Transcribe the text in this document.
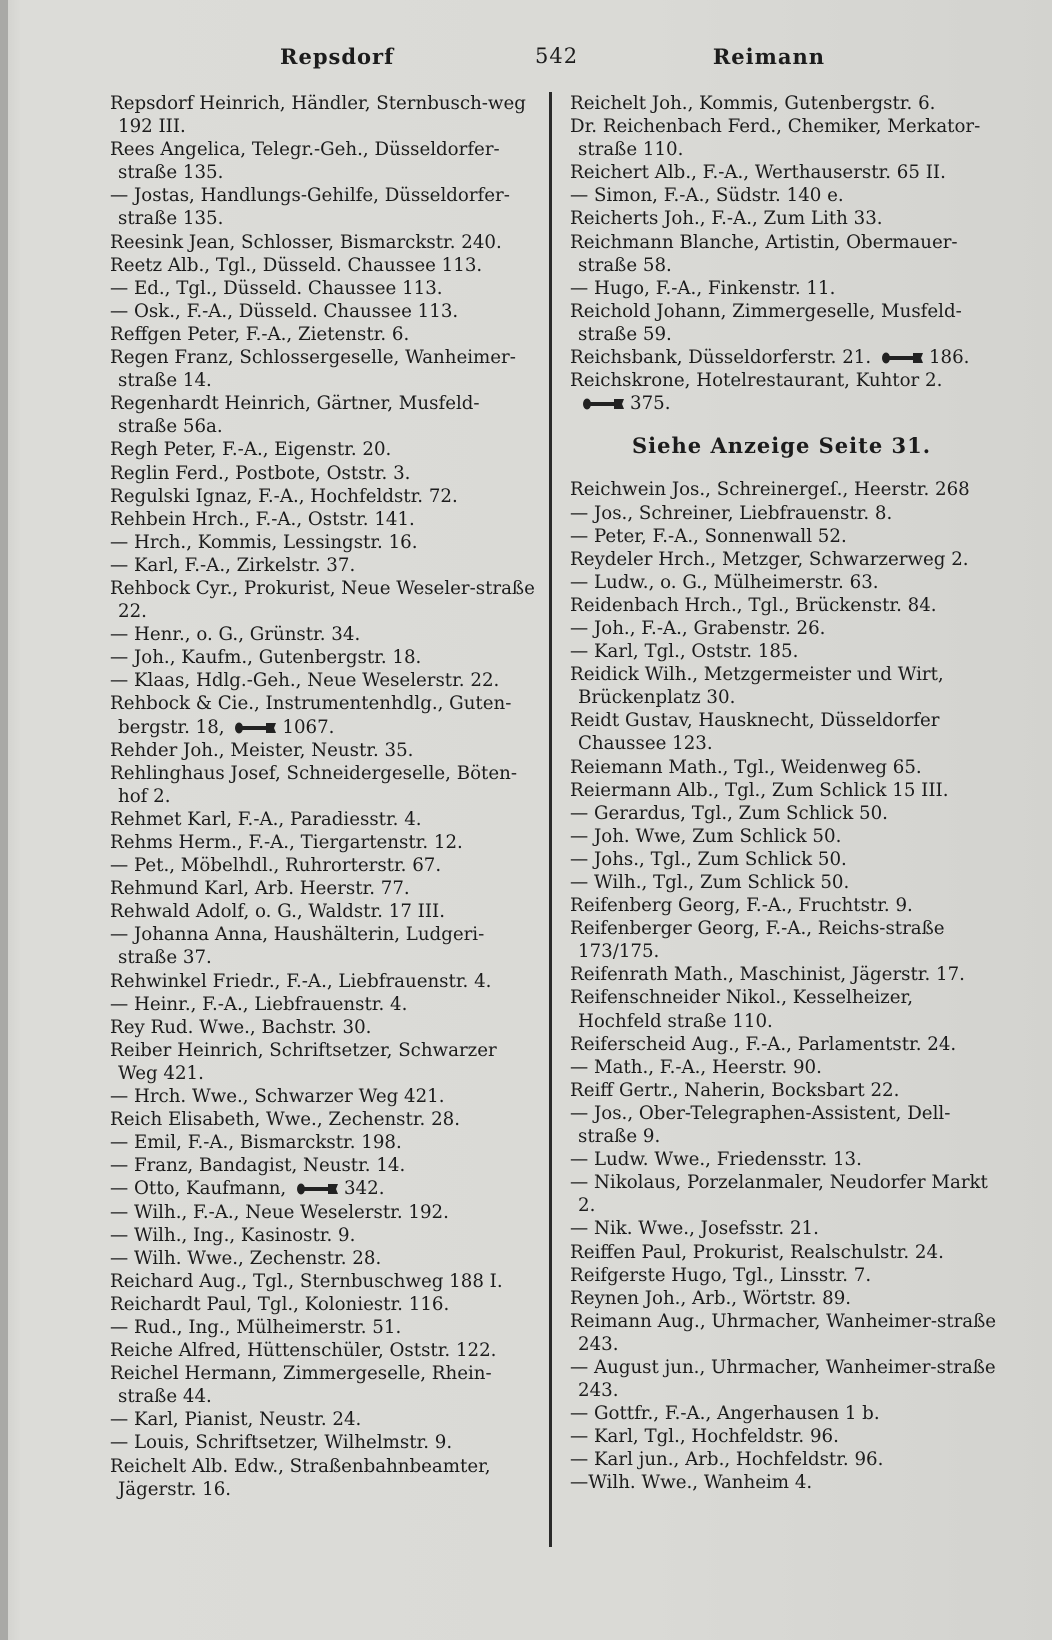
Repsdorf	542	Reimann

Repsdorf Heinrich, Händler, Sternbusch-weg 192 III.

Rees Angelica, Telegr.-Geh., Düsseldorfer-straße 135.

— Jostas, Handlungs-Gehilfe, Düsseldorfer-straße 135.

Reesink Jean, Schlosser, Bismarckstr. 240.

Reetz Alb., Tgl., Düsseld. Chaussee 113.

— Ed., Tgl., Düsseld. Chaussee 113.

— Osk., F.-A., Düsseld. Chaussee 113.

Reffgen Peter, F.-A., Zietenstr. 6.

Regen Franz, Schlossergeselle, Wanheimer-straße 14.

Regenhardt Heinrich, Gärtner, Musfeld-straße 56a.

Regh Peter, F.-A., Eigenstr. 20.

Reglin Ferd., Postbote, Oststr. 3.

Regulski Ignaz, F.-A., Hochfeldstr. 72.

Rehbein Hrch., F.-A., Oststr. 141.

— Hrch., Kommis, Lessingstr. 16.

— Karl, F.-A., Zirkelstr. 37.

Rehbock Cyr., Prokurist, Neue Weseler-straße 22.

— Henr., o. G., Grünstr. 34.

— Joh., Kaufm., Gutenbergstr. 18.

— Klaas, Hdlg.-Geh., Neue Weselerstr. 22.

Rehbock & Cie., Instrumentenhdlg., Guten-bergstr. 18,	1067.

Rehder Joh., Meister, Neustr. 35.

Rehlinghaus Josef, Schneidergeselle, Böten-hof 2.

Rehmet Karl, F.-A., Paradiesstr. 4.

Rehms Herm., F.-A., Tiergartenstr. 12.

— Pet., Möbelhdl., Ruhrorterstr. 67.

Rehmund Karl, Arb. Heerstr. 77.

Rehwald Adolf, o. G., Waldstr. 17 III.

— Johanna Anna, Haushälterin, Ludgeri-straße 37.

Rehwinkel Friedr., F.-A., Liebfrauenstr. 4.

— Heinr., F.-A., Liebfrauenstr. 4.

Rey Rud. Wwe., Bachstr. 30.

Reiber Heinrich, Schriftsetzer, Schwarzer Weg 421.

— Hrch. Wwe., Schwarzer Weg 421.

Reich Elisabeth, Wwe., Zechenstr. 28.

— Emil, F.-A., Bismarckstr. 198.

— Franz, Bandagist, Neustr. 14.

— Otto, Kaufmann,	342.

— Wilh., F.-A., Neue Weselerstr. 192.

— Wilh., Ing., Kasinostr. 9.

— Wilh. Wwe., Zechenstr. 28.

Reichard Aug., Tgl., Sternbuschweg 188 I.

Reichardt Paul, Tgl., Koloniestr. 116.

— Rud., Ing., Mülheimerstr. 51.

Reiche Alfred, Hüttenschüler, Oststr. 122.

Reichel Hermann, Zimmergeselle, Rhein-straße 44.

— Karl, Pianist, Neustr. 24.

— Louis, Schriftsetzer, Wilhelmstr. 9.

Reichelt Alb. Edw., Straßenbahnbeamter, Jägerstr. 16.

Reichelt Joh., Kommis, Gutenbergstr. 6.

Dr. Reichenbach Ferd., Chemiker, Merkator-straße 110.

Reichert Alb., F.-A., Werthauserstr. 65 II.

— Simon, F.-A., Südstr. 140 e.

Reicherts Joh., F.-A., Zum Lith 33.

Reichmann Blanche, Artistin, Obermauer-straße 58.

— Hugo, F.-A., Finkenstr. 11.

Reichold Johann, Zimmergeselle, Musfeld-straße 59.

Reichsbank, Düsseldorferstr. 21.	186.

Reichskrone, Hotelrestaurant, Kuhtor 2. 375.

Siehe Anzeige Seite 31.

Reichwein Jos., Schreinergeſ., Heerstr. 268

— Jos., Schreiner, Liebfrauenstr. 8.

— Peter, F.-A., Sonnenwall 52.

Reydeler Hrch., Metzger, Schwarzerweg 2.

— Ludw., o. G., Mülheimerstr. 63.

Reidenbach Hrch., Tgl., Brückenstr. 84.

— Joh., F.-A., Grabenstr. 26.

— Karl, Tgl., Oststr. 185.

Reidick Wilh., Metzgermeister und Wirt, Brückenplatz 30.

Reidt Gustav, Hausknecht, Düsseldorfer Chaussee 123.

Reiemann Math., Tgl., Weidenweg 65.

Reiermann Alb., Tgl., Zum Schlick 15 III.

— Gerardus, Tgl., Zum Schlick 50.

— Joh. Wwe, Zum Schlick 50.

— Johs., Tgl., Zum Schlick 50.

— Wilh., Tgl., Zum Schlick 50.

Reifenberg Georg, F.-A., Fruchtstr. 9.

Reifenberger Georg, F.-A., Reichs-straße 173/175.

Reifenrath Math., Maschinist, Jägerstr. 17.

Reifenschneider Nikol., Kesselheizer, Hochfeld straße 110.

Reiferscheid Aug., F.-A., Parlamentstr. 24.

— Math., F.-A., Heerstr. 90.

Reiff Gertr., Naherin, Bocksbart 22.

— Jos., Ober-Telegraphen-Assistent, Dell-straße 9.

— Ludw. Wwe., Friedensstr. 13.

— Nikolaus, Porzelanmaler, Neudorfer Markt 2.

— Nik. Wwe., Josefsstr. 21.

Reiffen Paul, Prokurist, Realschulstr. 24.

Reifgerste Hugo, Tgl., Linsstr. 7.

Reynen Joh., Arb., Wörtstr. 89.

Reimann Aug., Uhrmacher, Wanheimer-straße 243.

— August jun., Uhrmacher, Wanheimer-straße 243.

— Gottfr., F.-A., Angerhausen 1 b.

— Karl, Tgl., Hochfeldstr. 96.

— Karl jun., Arb., Hochfeldstr. 96.

—Wilh. Wwe., Wanheim 4.
